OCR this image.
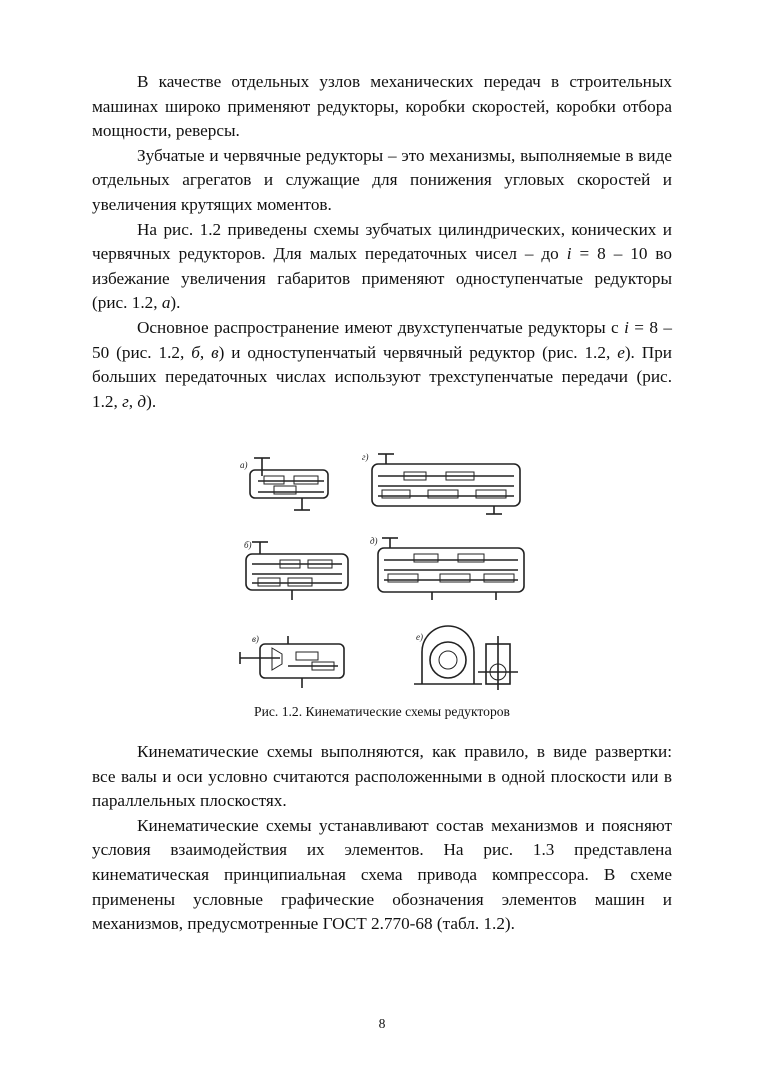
В качестве отдельных узлов механических передач в строительных машинах широко применяют редукторы, коробки скоростей, коробки отбора мощности, реверсы.

Зубчатые и червячные редукторы – это механизмы, выполняемые в виде отдельных агрегатов и служащие для понижения угловых скоростей и увеличения крутящих моментов.

На рис. 1.2 приведены схемы зубчатых цилиндрических, конических и червячных редукторов. Для малых передаточных чисел – до i = 8 – 10 во избежание увеличения габаритов применяют одноступенчатые редукторы (рис. 1.2, а).

Основное распространение имеют двухступенчатые редукторы с i = 8 – 50 (рис. 1.2, б, в) и одноступенчатый червячный редуктор (рис. 1.2, е). При больших передаточных числах используют трехступенчатые передачи (рис. 1.2, г, д).

а)
г)
б)	д)
в)	е)
Рис. 1.2. Кинематические схемы редукторов

Кинематические схемы выполняются, как правило, в виде развертки: все валы и оси условно считаются расположенными в одной плоскости или в параллельных плоскостях.

Кинематические схемы устанавливают состав механизмов и поясняют условия взаимодействия их элементов. На рис. 1.3 представлена кинематическая принципиальная схема привода компрессора. В схеме применены условные графические обозначения элементов машин и механизмов, предусмотренные ГОСТ 2.770-68 (табл. 1.2).

8
